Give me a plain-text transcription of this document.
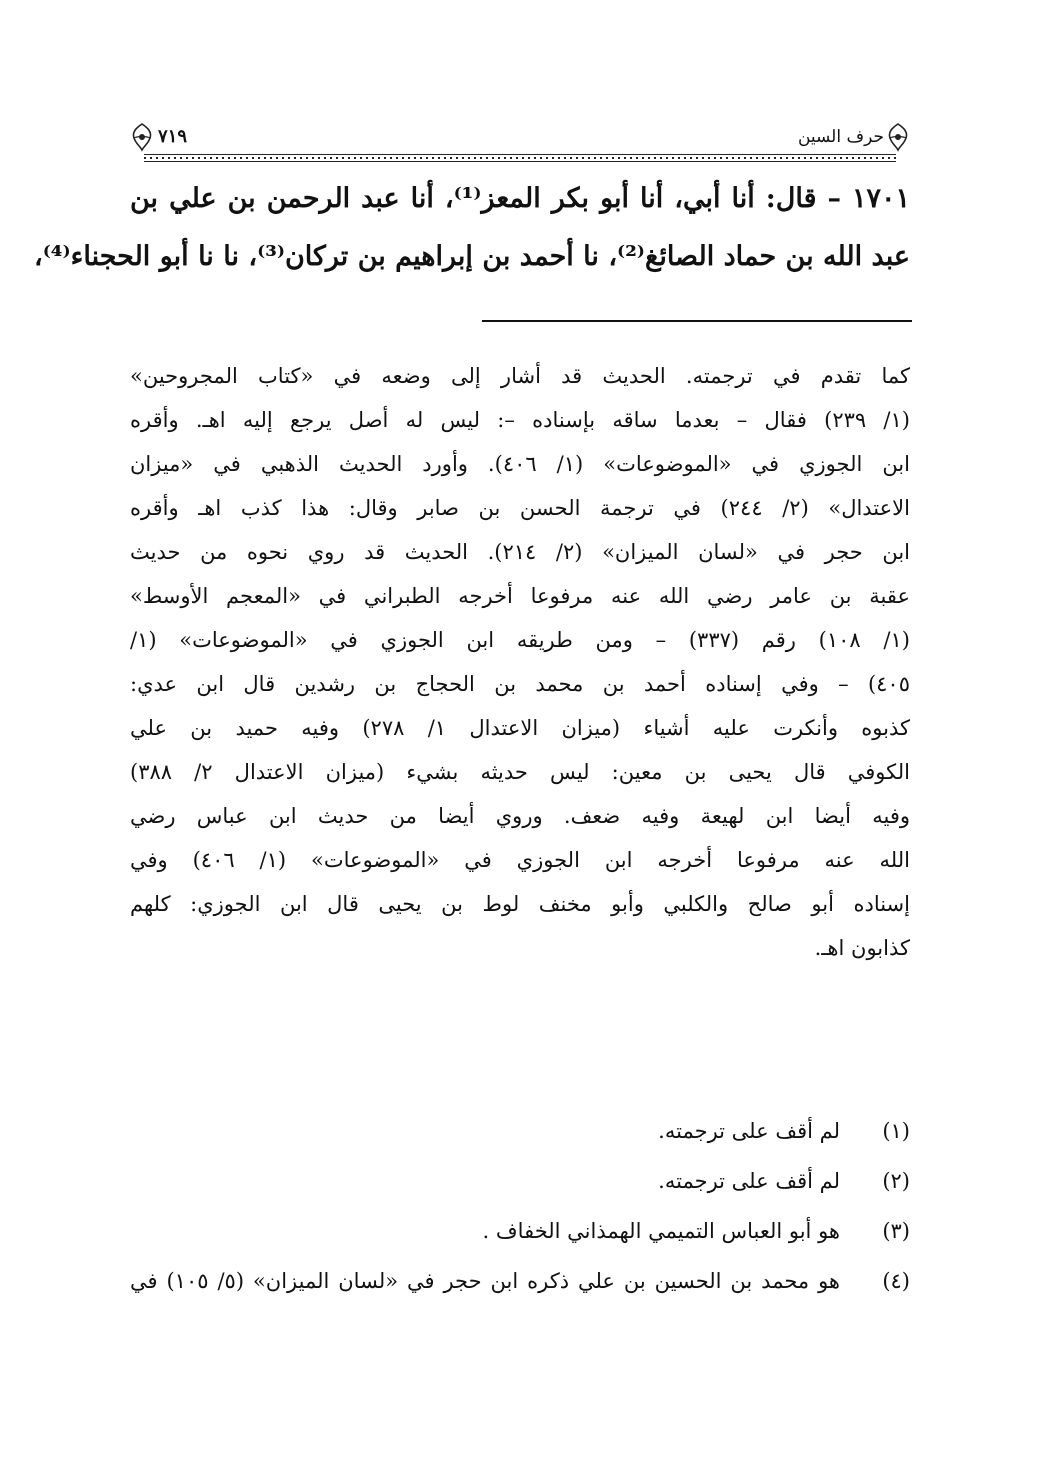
حرف السين
٧١٩
١٧٠١ – قال: أنا أبي، أنا أبو بكر المعز⁽¹⁾، أنا عبد الرحمن بن علي بن
عبد الله بن حماد الصائغ⁽²⁾، نا أحمد بن إبراهيم بن تركان⁽³⁾، نا نا أبو الحجناء⁽⁴⁾،
كما تقدم في ترجمته. الحديث قد أشار إلى وضعه في «كتاب المجروحين»
(١/ ٢٣٩) فقال – بعدما ساقه بإسناده –: ليس له أصل يرجع إليه اهـ. وأقره
ابن الجوزي في «الموضوعات» (١/ ٤٠٦). وأورد الحديث الذهبي في «ميزان
الاعتدال» (٢/ ٢٤٤) في ترجمة الحسن بن صابر وقال: هذا كذب اهـ وأقره
ابن حجر في «لسان الميزان» (٢/ ٢١٤). الحديث قد روي نحوه من حديث
عقبة بن عامر رضي الله عنه مرفوعا أخرجه الطبراني في «المعجم الأوسط»
(١/ ١٠٨) رقم (٣٣٧) – ومن طريقه ابن الجوزي في «الموضوعات» (١/
٤٠٥) – وفي إسناده أحمد بن محمد بن الحجاج بن رشدين قال ابن عدي:
كذبوه وأنكرت عليه أشياء (ميزان الاعتدال ١/ ٢٧٨) وفيه حميد بن علي
الكوفي قال يحيى بن معين: ليس حديثه بشيء (ميزان الاعتدال ٢/ ٣٨٨)
وفيه أيضا ابن لهيعة وفيه ضعف. وروي أيضا من حديث ابن عباس رضي
الله عنه مرفوعا أخرجه ابن الجوزي في «الموضوعات» (١/ ٤٠٦) وفي
إسناده أبو صالح والكلبي وأبو مخنف لوط بن يحيى قال ابن الجوزي: كلهم
كذابون اهـ.
(١)
لم أقف على ترجمته.
(٢)
لم أقف على ترجمته.
(٣)
هو أبو العباس التميمي الهمذاني الخفاف .
(٤)
هو محمد بن الحسين بن علي ذكره ابن حجر في «لسان الميزان» (٥/ ١٠٥) في
